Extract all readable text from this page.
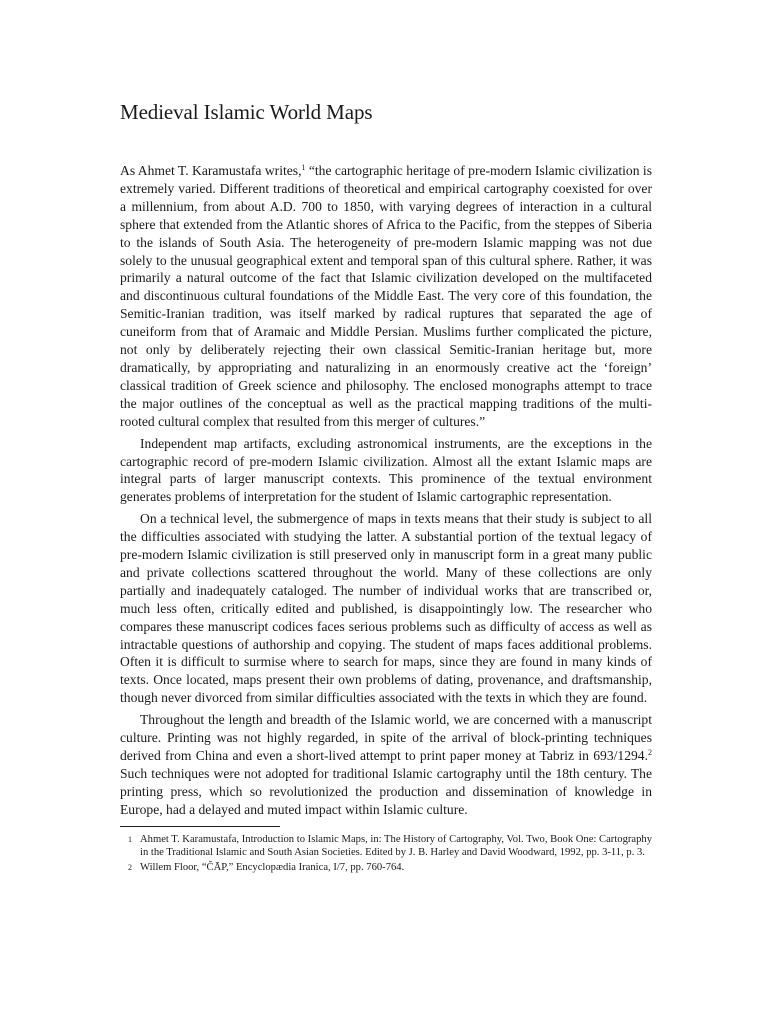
Medieval Islamic World Maps

As Ahmet T. Karamustafa writes,$^1$ “the cartographic heritage of pre-modern Islamic civilization is extremely varied. Different traditions of theoretical and empirical cartography coexisted for over a millennium, from about A.D. 700 to 1850, with varying degrees of interaction in a cultural sphere that extended from the Atlantic shores of Africa to the Pacific, from the steppes of Siberia to the islands of South Asia. The heterogeneity of pre-modern Islamic mapping was not due solely to the unusual geographical extent and temporal span of this cultural sphere. Rather, it was primarily a natural outcome of the fact that Islamic civilization developed on the multifaceted and discontinuous cultural foundations of the Middle East. The very core of this foundation, the Semitic-Iranian tradition, was itself marked by radical ruptures that separated the age of cuneiform from that of Aramaic and Middle Persian. Muslims further complicated the picture, not only by deliberately rejecting their own classical Semitic-Iranian heritage but, more dramatically, by appropriating and naturalizing in an enormously creative act the ‘foreign’ classical tradition of Greek science and philosophy. The enclosed monographs attempt to trace the major outlines of the conceptual as well as the practical mapping traditions of the multi-rooted cultural complex that resulted from this merger of cultures.”

Independent map artifacts, excluding astronomical instruments, are the exceptions in the cartographic record of pre-modern Islamic civilization. Almost all the extant Islamic maps are integral parts of larger manuscript contexts. This prominence of the textual environment generates problems of interpretation for the student of Islamic cartographic representation.

On a technical level, the submergence of maps in texts means that their study is subject to all the difficulties associated with studying the latter. A substantial portion of the textual legacy of pre-modern Islamic civilization is still preserved only in manuscript form in a great many public and private collections scattered throughout the world. Many of these collections are only partially and inadequately cataloged. The number of individual works that are transcribed or, much less often, critically edited and published, is disappointingly low. The researcher who compares these manuscript codices faces serious problems such as difficulty of access as well as intractable questions of authorship and copying. The student of maps faces additional problems. Often it is difficult to surmise where to search for maps, since they are found in many kinds of texts. Once located, maps present their own problems of dating, provenance, and draftsmanship, though never divorced from similar difficulties associated with the texts in which they are found.

Throughout the length and breadth of the Islamic world, we are concerned with a manuscript culture. Printing was not highly regarded, in spite of the arrival of block-printing techniques derived from China and even a short-lived attempt to print paper money at Tabriz in 693/1294.$^2$ Such techniques were not adopted for traditional Islamic cartography until the 18th century. The printing press, which so revolutionized the production and dissemination of knowledge in Europe, had a delayed and muted impact within Islamic culture.

1 Ahmet T. Karamustafa, Introduction to Islamic Maps, in: The History of Cartography, Vol. Two, Book One: Cartography in the Traditional Islamic and South Asian Societies. Edited by J. B. Harley and David Woodward, 1992, pp. 3-11, p. 3.
2 Willem Floor, “ČĀP,” Encyclopædia Iranica, I/7, pp. 760-764.
